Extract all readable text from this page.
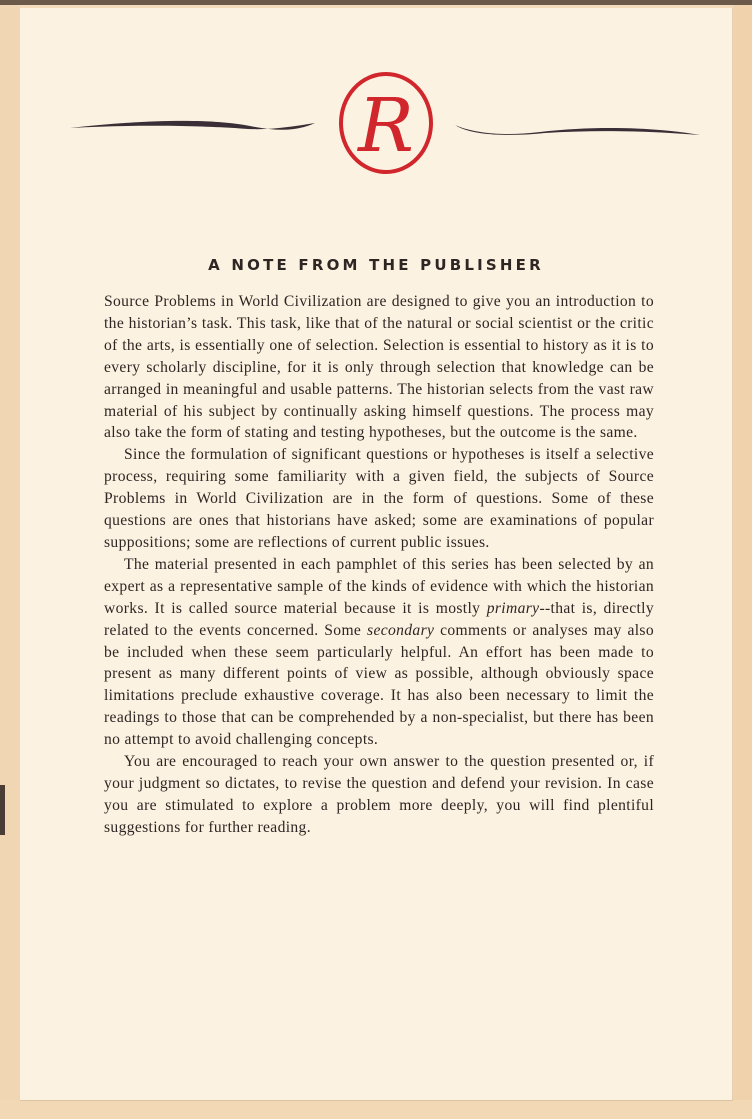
R
A NOTE FROM THE PUBLISHER

Source Problems in World Civilization are designed to give you an introduction to the historian’s task. This task, like that of the natural or social scientist or the critic of the arts, is essentially one of selection. Selection is essential to history as it is to every scholarly discipline, for it is only through selection that knowledge can be arranged in meaningful and usable patterns. The historian selects from the vast raw material of his subject by continually asking himself questions. The process may also take the form of stating and testing hypotheses, but the outcome is the same.

Since the formulation of significant questions or hypotheses is itself a selective process, requiring some familiarity with a given field, the subjects of Source Problems in World Civilization are in the form of questions. Some of these questions are ones that historians have asked; some are examinations of popular suppositions; some are reflections of current public issues.

The material presented in each pamphlet of this series has been selected by an expert as a representative sample of the kinds of evidence with which the historian works. It is called source material because it is mostly primary--that is, directly related to the events concerned. Some secondary comments or analyses may also be included when these seem particularly helpful. An effort has been made to present as many different points of view as possible, although obviously space limitations preclude exhaustive coverage. It has also been necessary to limit the readings to those that can be comprehended by a non-specialist, but there has been no attempt to avoid challenging concepts.

You are encouraged to reach your own answer to the question presented or, if your judgment so dictates, to revise the question and defend your revision. In case you are stimulated to explore a problem more deeply, you will find plentiful suggestions for further reading.
